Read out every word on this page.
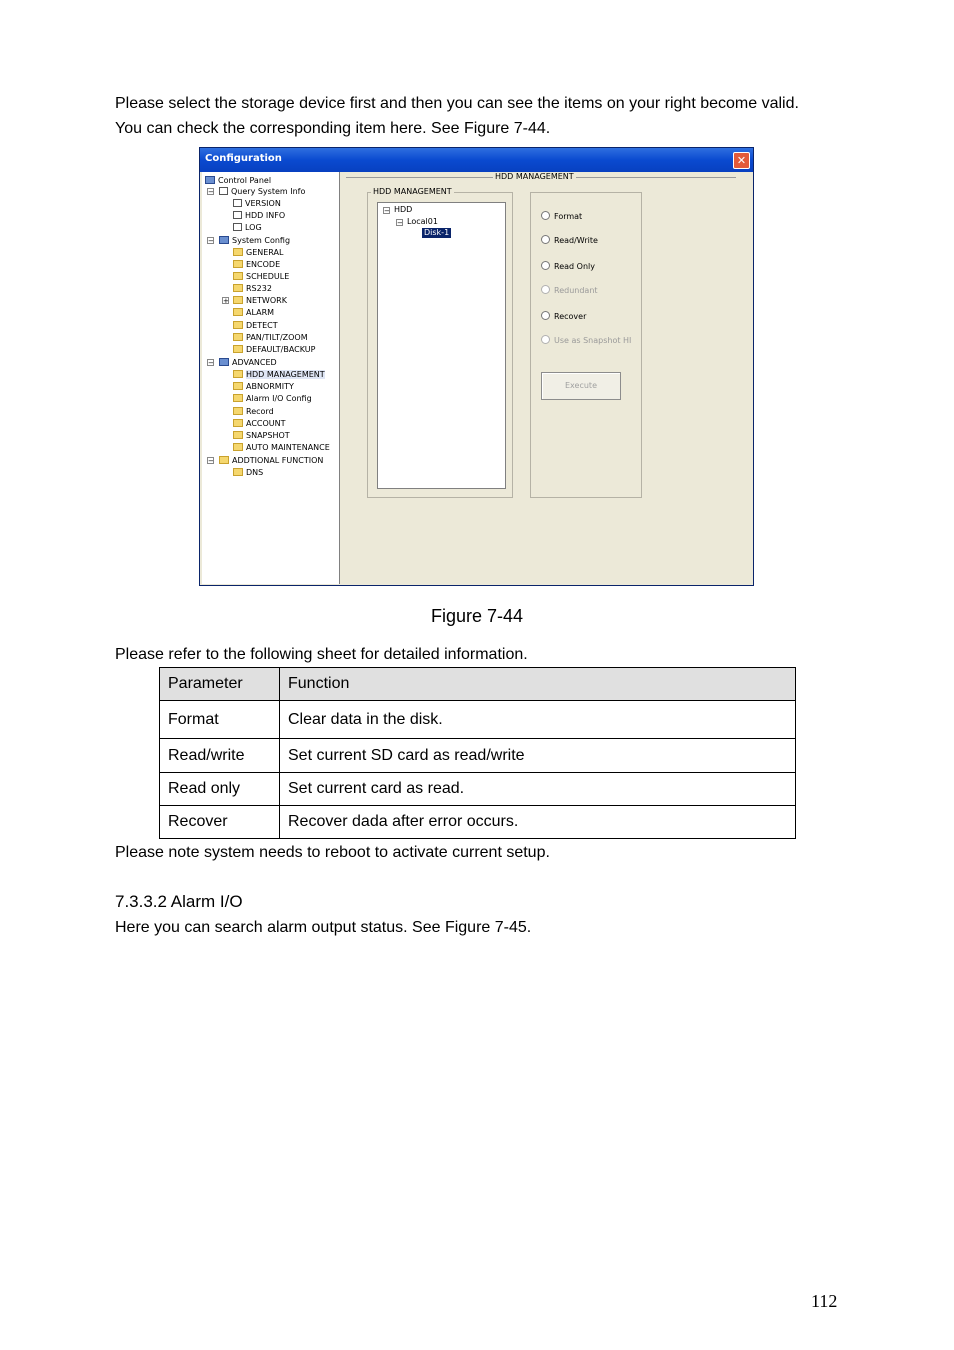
Please select the storage device first and then you can see the items on your right become valid.
You can check the corresponding item here. See Figure 7-44.
Configuration	✕
Control Panel
−	Query System Info
VERSION
HDD INFO
LOG
−	System Config
GENERAL
ENCODE
SCHEDULE
RS232
+	NETWORK
ALARM
DETECT
PAN/TILT/ZOOM
DEFAULT/BACKUP
−	ADVANCED
HDD MANAGEMENT
ABNORMITY
Alarm I/O Config
Record
ACCOUNT
SNAPSHOT
AUTO MAINTENANCE
−	ADDTIONAL FUNCTION
DNS
HDD MANAGEMENT
HDD MANAGEMENT
Format
Read/Write
Read Only
Redundant
Recover
Use as Snapshot HI
− HDD
− Local01
Disk-1
Execute
Figure 7-44
Please refer to the following sheet for detailed information.
Parameter	Function
Format	Clear data in the disk.
Read/write	Set current SD card as read/write
Read only	Set current card as read.
Recover	Recover dada after error occurs.
Please note system needs to reboot to activate current setup.
7.3.3.2 Alarm I/O
Here you can search alarm output status. See Figure 7-45.
112
